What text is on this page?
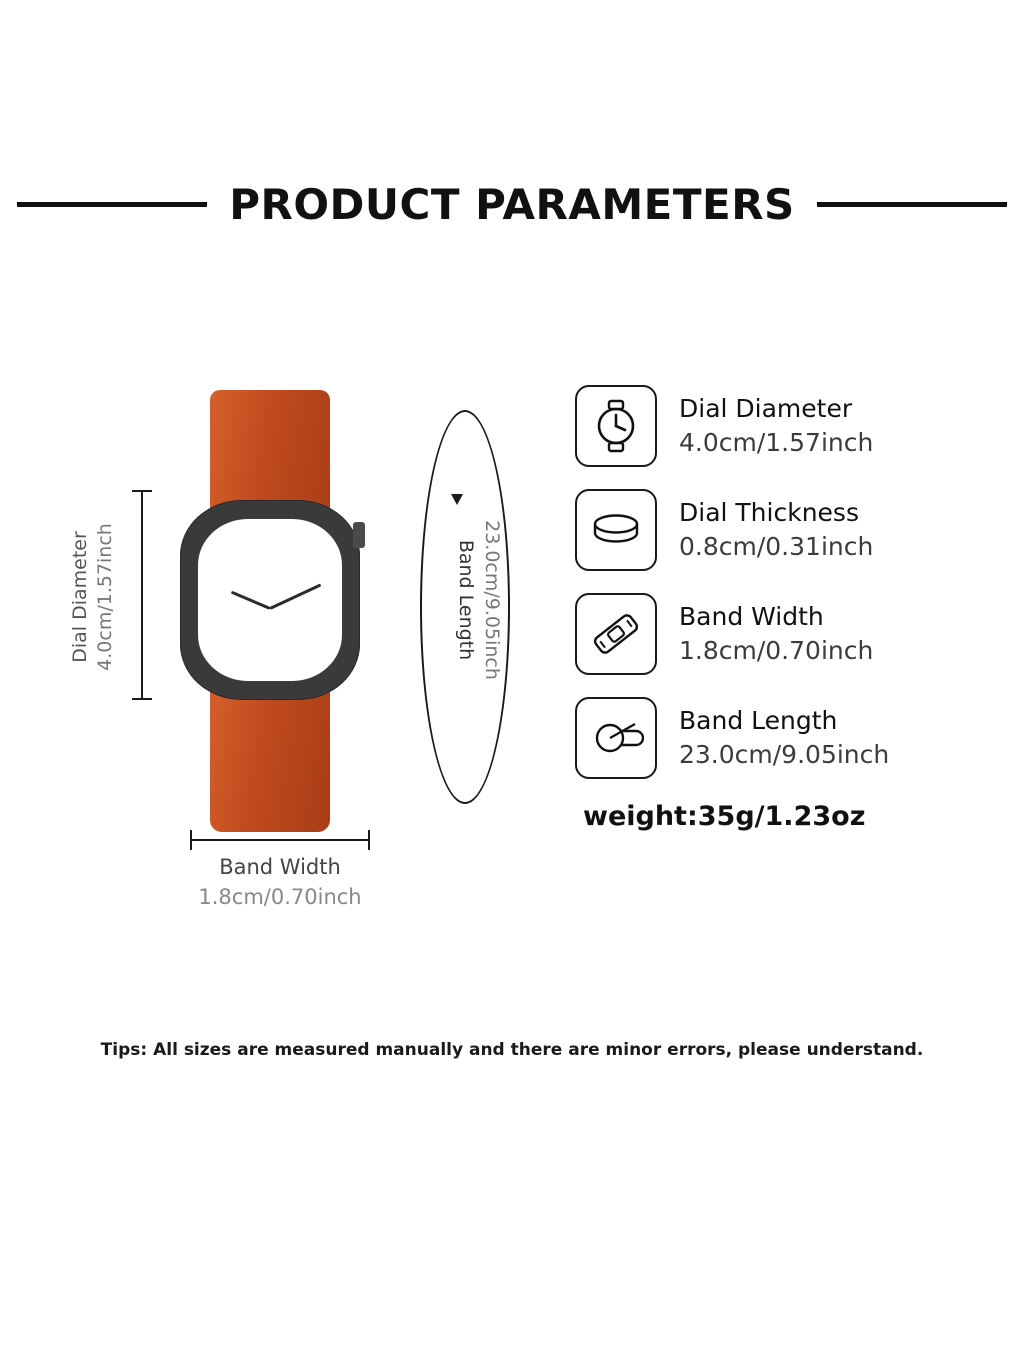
PRODUCT PARAMETERS
Dial Diameter 4.0cm/1.57inch
Band Width
1.8cm/0.70inch
23.0cm/9.05inch
Band Length
Dial Diameter
4.0cm/1.57inch
Dial Thickness
0.8cm/0.31inch
Band Width
1.8cm/0.70inch
Band Length
23.0cm/9.05inch
weight:35g/1.23oz
Tips: All sizes are measured manually and there are minor errors, please understand.
